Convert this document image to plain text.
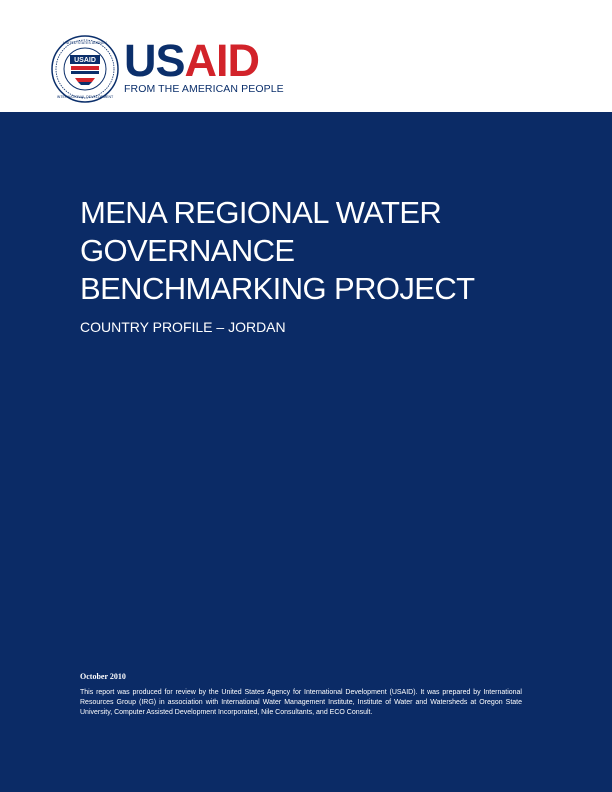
USAID
UNITED STATES AGENCY
INTERNATIONAL DEVELOPMENT
USAID
FROM THE AMERICAN PEOPLE
MENA REGIONAL WATER
GOVERNANCE
BENCHMARKING PROJECT
COUNTRY PROFILE – JORDAN
October 2010
This report was produced for review by the United States Agency for International Development (USAID). It was prepared by International Resources Group (IRG) in association with International Water Management Institute, Institute of Water and Watersheds at Oregon State University, Computer Assisted Development Incorporated, Nile Consultants, and ECO Consult.
